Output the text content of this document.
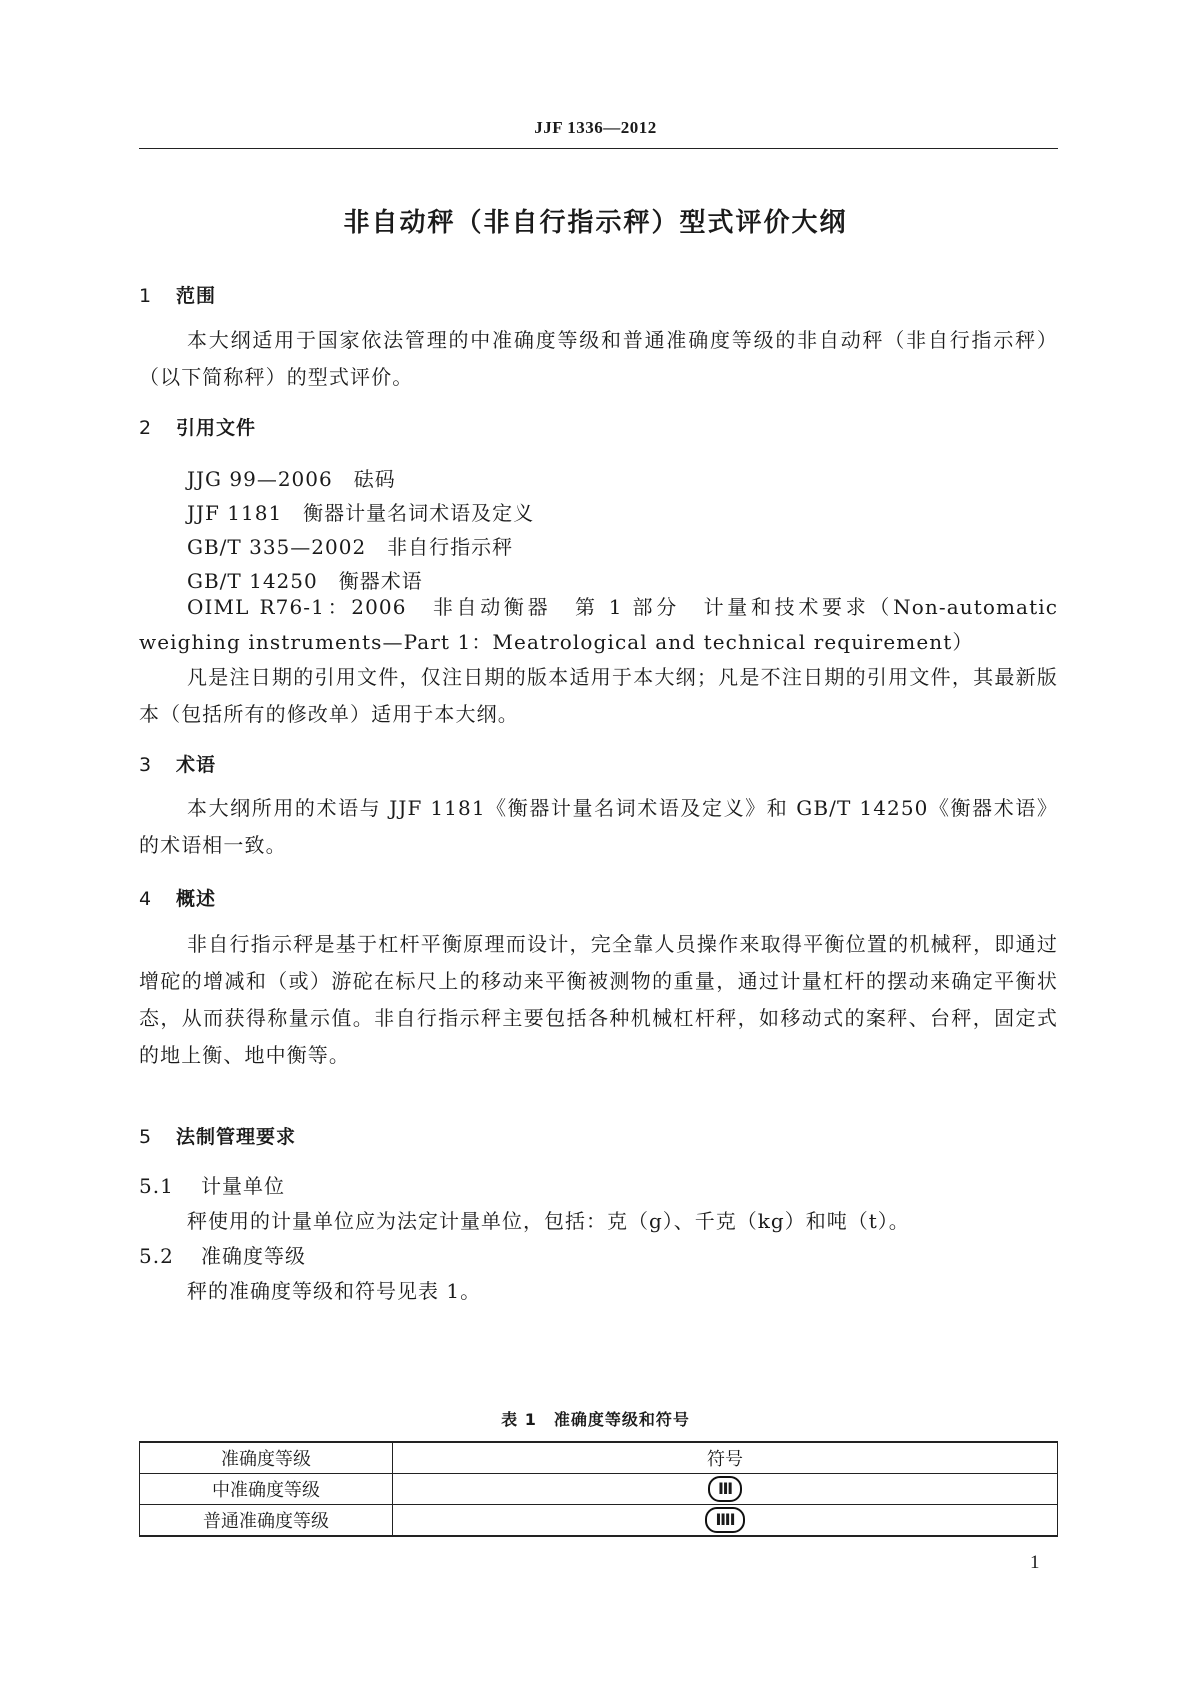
JJF 1336—2012
非自动秤（非自行指示秤）型式评价大纲
1 范围
本大纲适用于国家依法管理的中准确度等级和普通准确度等级的非自动秤（非自行指示秤）（以下简称秤）的型式评价。
2 引用文件
JJG 99—2006　砝码
JJF 1181　衡器计量名词术语及定义
GB/T 335—2002　非自行指示秤
GB/T 14250　衡器术语
OIML R76-1：2006　非自动衡器　第 1 部分　计量和技术要求（Non-automatic weighing instruments—Part 1：Meatrological and technical requirement）
凡是注日期的引用文件，仅注日期的版本适用于本大纲；凡是不注日期的引用文件，其最新版本（包括所有的修改单）适用于本大纲。
3 术语
本大纲所用的术语与 JJF 1181《衡器计量名词术语及定义》和 GB/T 14250《衡器术语》的术语相一致。
4 概述
非自行指示秤是基于杠杆平衡原理而设计，完全靠人员操作来取得平衡位置的机械秤，即通过增砣的增减和（或）游砣在标尺上的移动来平衡被测物的重量，通过计量杠杆的摆动来确定平衡状态，从而获得称量示值。非自行指示秤主要包括各种机械杠杆秤，如移动式的案秤、台秤，固定式的地上衡、地中衡等。
5 法制管理要求
5.1 计量单位
秤使用的计量单位应为法定计量单位，包括：克（g）、千克（kg）和吨（t）。
5.2 准确度等级
秤的准确度等级和符号见表 1。
表 1　准确度等级和符号
准确度等级	符号
中准确度等级	Ⅲ
普通准确度等级	Ⅲ Ⅰ
1
